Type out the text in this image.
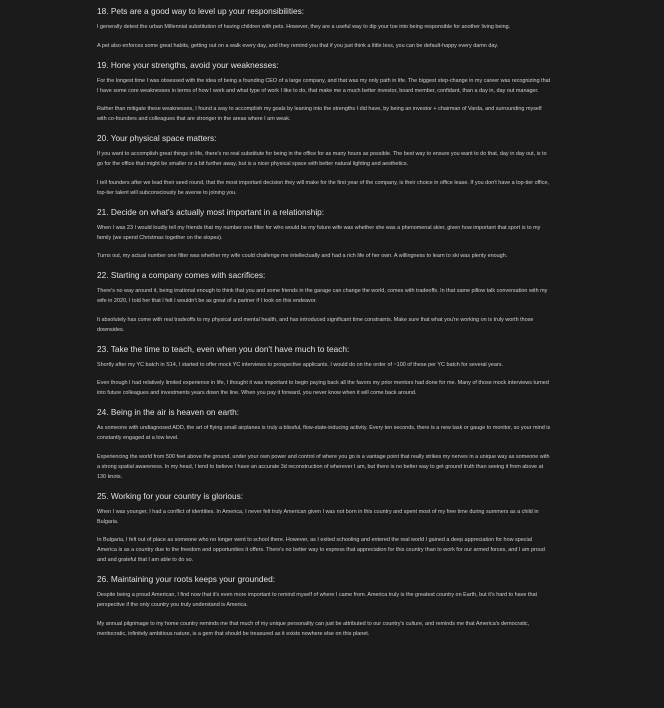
18. Pets are a good way to level up your responsibilities:

I generally detest the urban Millennial substitution of having children with pets. However, they are a useful way to dip your toe into being responsible for another living being.

A pet also enforces some great habits, getting out on a walk every day, and they remind you that if you just think a little less, you can be default-happy every damn day.

19. Hone your strengths, avoid your weaknesses:

For the longest time I was obsessed with the idea of being a founding CEO of a large company, and that was my only path in life. The biggest step-change in my career was recognizing that I have some core weaknesses in terms of how I work and what type of work I like to do, that make me a much better investor, board member, confidant, than a day in, day out manager.

Rather than mitigate these weaknesses, I found a way to accomplish my goals by leaning into the strengths I did have, by being an investor + chairman of Varda, and surrounding myself with co-founders and colleagues that are stronger in the areas where I am weak.

20. Your physical space matters:

If you want to accomplish great things in life, there's no real substitute for being in the office for as many hours as possible. The best way to ensure you want to do that, day in day out, is to go for the office that might be smaller or a bit further away, but is a nicer physical space with better natural lighting and aesthetics.

I tell founders after we lead their seed round, that the most important decision they will make for the first year of the company, is their choice in office lease. If you don't have a top-tier office, top-tier talent will subconsciously be averse to joining you.

21. Decide on what's actually most important in a relationship:

When I was 23 I would loudly tell my friends that my number one filter for who would be my future wife was whether she was a phenomenal skier, given how important that sport is to my family (we spend Christmas together on the slopes).

Turns out, my actual number one filter was whether my wife could challenge me intellectually and had a rich life of her own. A willingness to learn to ski was plenty enough.

22. Starting a company comes with sacrifices:

There's no way around it, being irrational enough to think that you and some friends in the garage can change the world, comes with tradeoffs. In that same pillow talk conversation with my wife in 2020, I told her that I felt I wouldn't be as great of a partner if I took on this endeavor.

It absolutely has come with real tradeoffs to my physical and mental health, and has introduced significant time constraints. Make sure that what you're working on is truly worth those downsides.

23. Take the time to teach, even when you don't have much to teach:

Shortly after my YC batch in S14, I started to offer mock YC interviews to prospective applicants. I would do on the order of ~100 of these per YC batch for several years.

Even though I had relatively limited experience in life, I thought it was important to begin paying back all the favors my prior mentors had done for me. Many of those mock interviews turned into future colleagues and investments years down the line. When you pay it forward, you never know when it will come back around.

24. Being in the air is heaven on earth:

As someone with undiagnosed ADD, the art of flying small airplanes is truly a blissful, flow-state-inducing activity. Every ten seconds, there is a new task or gauge to monitor, so your mind is constantly engaged at a low level.

Experiencing the world from 500 feet above the ground, under your own power and control of where you go is a vantage point that really strikes my nerves in a unique way as someone with a strong spatial awareness. In my head, I tend to believe I have an accurate 3d reconstruction of wherever I am, but there is no better way to get ground truth than seeing it from above at 130 knots.

25. Working for your country is glorious:

When I was younger, I had a conflict of identities. In America, I never felt truly American given I was not born in this country and spent most of my free time during summers as a child in Bulgaria.

In Bulgaria, I felt out of place as someone who no longer went to school there. However, as I exited schooling and entered the real world I gained a deep appreciation for how special America is as a country due to the freedom and opportunities it offers. There's no better way to express that appreciation for this country than to work for our armed forces, and I am proud and and grateful that I am able to do so.

26. Maintaining your roots keeps your grounded:

Despite being a proud American, I find now that it's even more important to remind myself of where I came from. America truly is the greatest country on Earth, but it's hard to have that perspective if the only country you truly understand is America.

My annual pilgrimage to my home country reminds me that much of my unique personality can just be attributed to our country's culture, and reminds me that America's democratic, meritocratic, infinitely ambitious nature, is a gem that should be treasured as it exists nowhere else on this planet.
